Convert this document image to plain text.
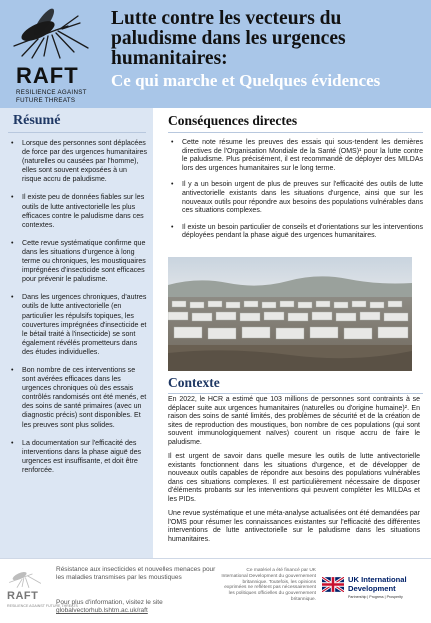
RAFT
RESILIENCE AGAINST
FUTURE THREATS
Lutte contre les vecteurs du paludisme dans les urgences humanitaires:
Ce qui marche et Quelques évidences
Résumé
• Lorsque des personnes sont déplacées de force par des urgences humanitaires (naturelles ou causées par l'homme), elles sont souvent exposées à un risque accru de paludisme.
• Il existe peu de données fiables sur les outils de lutte antivectorielle les plus efficaces contre le paludisme dans ces contextes.
• Cette revue systématique confirme que dans les situations d'urgence à long terme ou chroniques, les moustiquaires imprégnées d'insecticide sont efficaces pour prévenir le paludisme.
• Dans les urgences chroniques, d'autres outils de lutte antivectorielle (en particulier les répulsifs topiques, les couvertures imprégnées d'insecticide et le bétail traité à l'insecticide) se sont également révélés prometteurs dans des études individuelles.
• Bon nombre de ces interventions se sont avérées efficaces dans les urgences chroniques où des essais contrôlés randomisés ont été menés, et des soins de santé primaires (avec un diagnostic précis) sont disponibles. Et les preuves sont plus solides.
• La documentation sur l'efficacité des interventions dans la phase aiguë des urgences est insuffisante, et doit être renforcée.
Conséquences directes
• Cette note résume les preuves des essais qui sous-tendent les dernières directives de l'Organisation Mondiale de la Santé (OMS)¹ pour la lutte contre le paludisme. Plus précisément, il est recommandé de déployer des MILDAs lors des urgences humanitaires sur le long terme.
• Il y a un besoin urgent de plus de preuves sur l'efficacité des outils de lutte antivectorielle existants dans les situations d'urgence, ainsi que sur les nouveaux outils pour répondre aux besoins des populations vulnérables dans ces situations complexes.
• Il existe un besoin particulier de conseils et d'orientations sur les interventions déployées pendant la phase aiguë des urgences humanitaires.
Contexte

En 2022, le HCR a estimé que 103 millions de personnes sont contraints à se déplacer suite aux urgences humanitaires (naturelles ou d'origine humaine)². En raison des soins de santé limités, des problèmes de sécurité et de la création de sites de reproduction des moustiques, bon nombre de ces populations (qui sont souvent immunologiquement naïves) courent un risque accru de faire le paludisme.

Il est urgent de savoir dans quelle mesure les outils de lutte antivectorielle existants fonctionnent dans les situations d'urgence, et de développer de nouveaux outils capables de répondre aux besoins des populations vulnérables dans ces situations complexes. Il est particulièrement nécessaire de disposer d'éléments probants sur les interventions qui peuvent compléter les MILDAs et les PIDs.

Une revue systématique et une méta-analyse actualisées ont été demandées par l'OMS pour résumer les connaissances existantes sur l'efficacité des différentes interventions de lutte antivectorielle sur le paludisme dans les situations humanitaires.

RAFT
RESILIENCE AGAINST FUTURE THREATS
Résistance aux insecticides et nouvelles menaces pour les maladies transmises par les moustiques
Pour plus d'information, visitez le site
globalvectorhub.lshtm.ac.uk/raft
Ce matériel a été financé par UK International Development du gouvernement britannique. Toutefois, les opinions exprimées ne reflètent pas nécessairement les politiques officielles du gouvernement britannique.
UK International Development
Partnership | Progress | Prosperity
